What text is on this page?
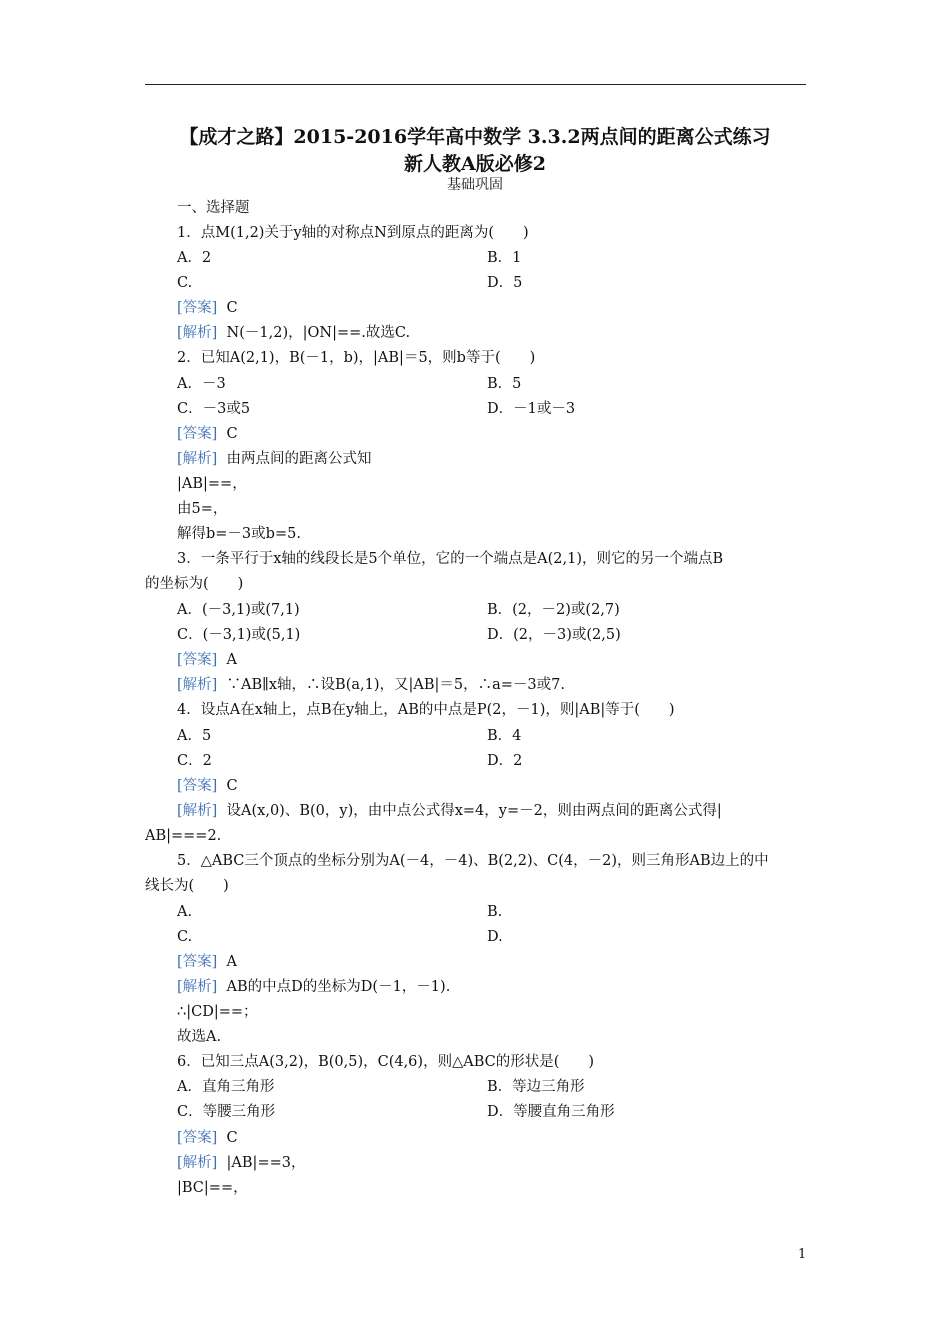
【成才之路】2015-2016学年高中数学 3.3.2两点间的距离公式练习
新人教A版必修2
基础巩固
一、选择题
1．点M(1,2)关于y轴的对称点N到原点的距离为(　　)
A．2	B．1
C.	D．5
[答案] C
[解析] N(－1,2)，|ON|==.故选C.
2．已知A(2,1)，B(－1，b)，|AB|＝5，则b等于(　　)
A．－3	B．5
C．－3或5	D．－1或－3
[答案] C
[解析] 由两点间的距离公式知
|AB|==，
由5=，
解得b=－3或b=5.
3．一条平行于x轴的线段长是5个单位，它的一个端点是A(2,1)，则它的另一个端点B
的坐标为(　　)
A．(－3,1)或(7,1)	B．(2，－2)或(2,7)
C．(－3,1)或(5,1)	D．(2，－3)或(2,5)
[答案] A
[解析] ∵AB∥x轴，∴设B(a,1)，又|AB|＝5，∴a=－3或7.
4．设点A在x轴上，点B在y轴上，AB的中点是P(2，－1)，则|AB|等于(　　)
A．5	B．4
C．2	D．2
[答案] C
[解析] 设A(x,0)、B(0，y)，由中点公式得x=4，y=－2，则由两点间的距离公式得|
AB|===2.
5．△ABC三个顶点的坐标分别为A(－4，－4)、B(2,2)、C(4，－2)，则三角形AB边上的中
线长为(　　)
A.	B.
C.	D.
[答案] A
[解析] AB的中点D的坐标为D(－1，－1).
∴|CD|==；
故选A.
6．已知三点A(3,2)，B(0,5)，C(4,6)，则△ABC的形状是(　　)
A．直角三角形	B．等边三角形
C．等腰三角形	D．等腰直角三角形
[答案] C
[解析] |AB|==3，
|BC|==，
1
